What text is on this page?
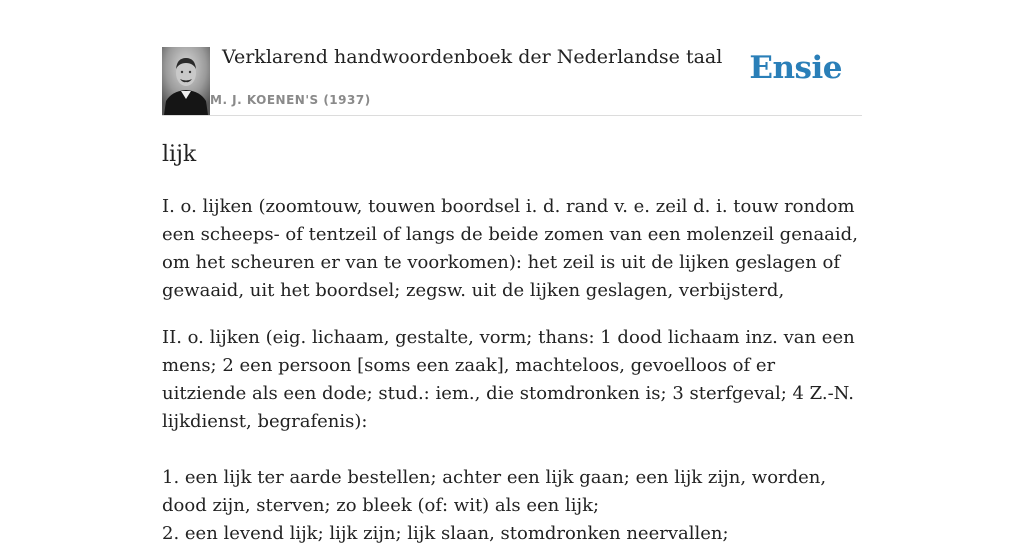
Verklarend handwoordenboek der Nederlandse taal
M. J. KOENEN'S (1937)
Ensie
lijk

I. o. lijken (zoomtouw, touwen boordsel i. d. rand v. e. zeil d. i. touw rondom een scheeps- of tentzeil of langs de beide zomen van een molenzeil genaaid, om het scheuren er van te voorkomen): het zeil is uit de lijken geslagen of gewaaid, uit het boordsel; zegsw. uit de lijken geslagen, verbijsterd,

II. o. lijken (eig. lichaam, gestalte, vorm; thans: 1 dood lichaam inz. van een mens; 2 een persoon [soms een zaak], machteloos, gevoelloos of er uitziende als een dode; stud.: iem., die stomdronken is; 3 sterfgeval; 4 Z.-N. lijkdienst, begrafenis):

1. een lijk ter aarde bestellen; achter een lijk gaan; een lijk zijn, worden, dood zijn, sterven; zo bleek (of: wit) als een lijk;

2. een levend lijk; lijk zijn; lijk slaan, stomdronken neervallen;
